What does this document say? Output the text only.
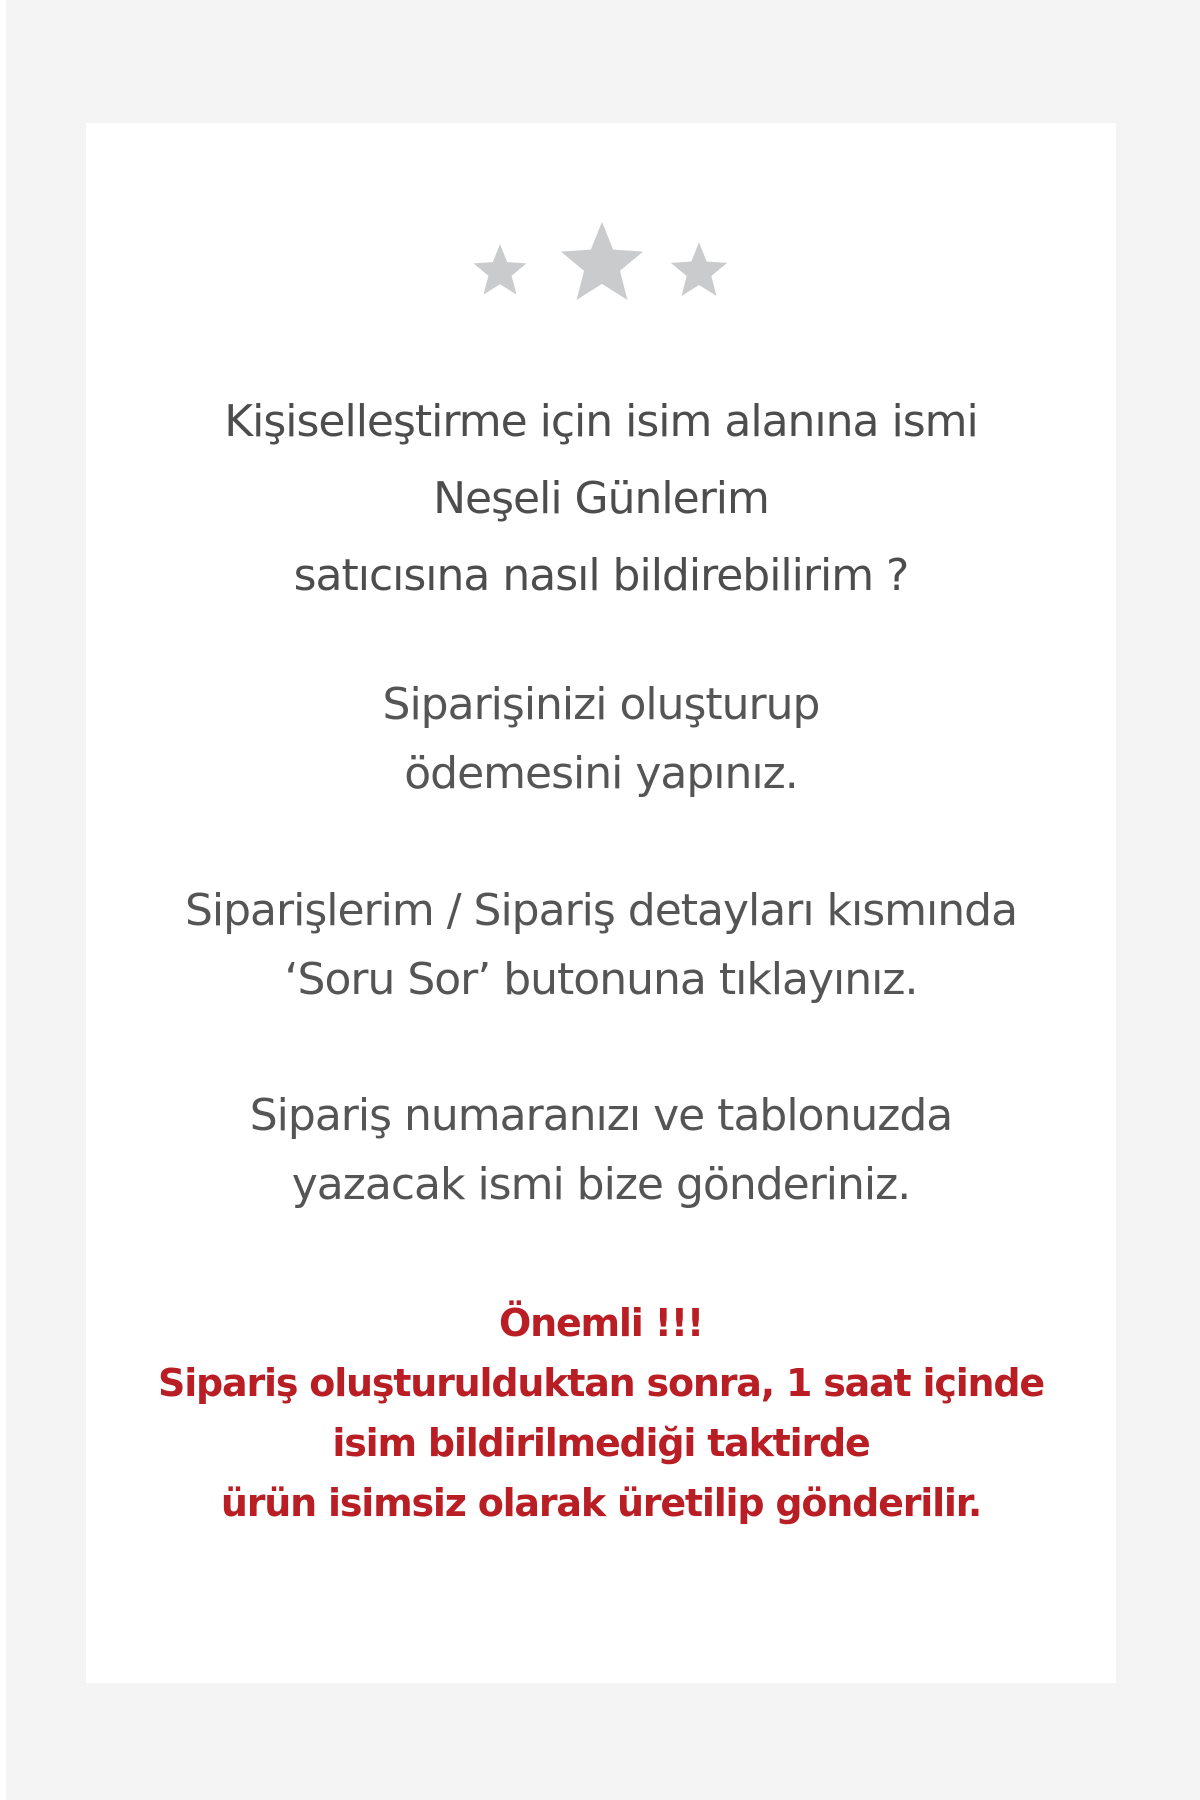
Kişiselleştirme için isim alanına ismi
Neşeli Günlerim
satıcısına nasıl bildirebilirim ?
Siparişinizi oluşturup
ödemesini yapınız.
Siparişlerim / Sipariş detayları kısmında
‘Soru Sor’ butonuna tıklayınız.
Sipariş numaranızı ve tablonuzda
yazacak ismi bize gönderiniz.
Önemli !!!
Sipariş oluşturulduktan sonra, 1 saat içinde
isim bildirilmediği taktirde
ürün isimsiz olarak üretilip gönderilir.
